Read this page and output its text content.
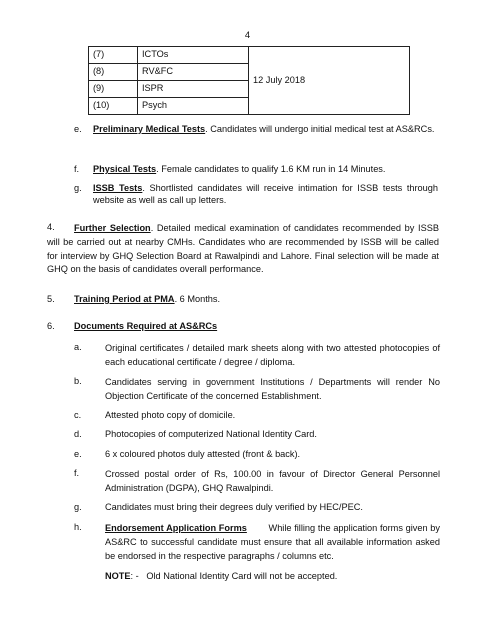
4
(7)	ICTOs	12 July 2018
(8)	RV&FC	
(9)	ISPR	
(10)	Psych	
e. Preliminary Medical Tests. Candidates will undergo initial medical test at AS&RCs.
f. Physical Tests. Female candidates to qualify 1.6 KM run in 14 Minutes.
g. ISSB Tests. Shortlisted candidates will receive intimation for ISSB tests through website as well as call up letters.
4.	Further Selection. Detailed medical examination of candidates recommended by ISSB will be carried out at nearby CMHs. Candidates who are recommended by ISSB will be called for interview by GHQ Selection Board at Rawalpindi and Lahore. Final selection will be made at GHQ on the basis of candidates overall performance.
5. Training Period at PMA. 6 Months.
6. Documents Required at AS&RCs
a.	Original certificates / detailed mark sheets along with two attested photocopies of each educational certificate / degree / diploma.
b.	Candidates serving in government Institutions / Departments will render No Objection Certificate of the concerned Establishment.
c.	Attested photo copy of domicile.
d.	Photocopies of computerized National Identity Card.
e.	6 x coloured photos duly attested (front & back).
f.	Crossed postal order of Rs, 100.00 in favour of Director General Personnel Administration (DGPA), GHQ Rawalpindi.
g.	Candidates must bring their degrees duly verified by HEC/PEC.
h.	Endorsement Application Forms        While filling the application forms given by AS&RC to successful candidate must ensure that all available information asked be endorsed in the respective paragraphs / columns etc.
NOTE: -   Old National Identity Card will not be accepted.
